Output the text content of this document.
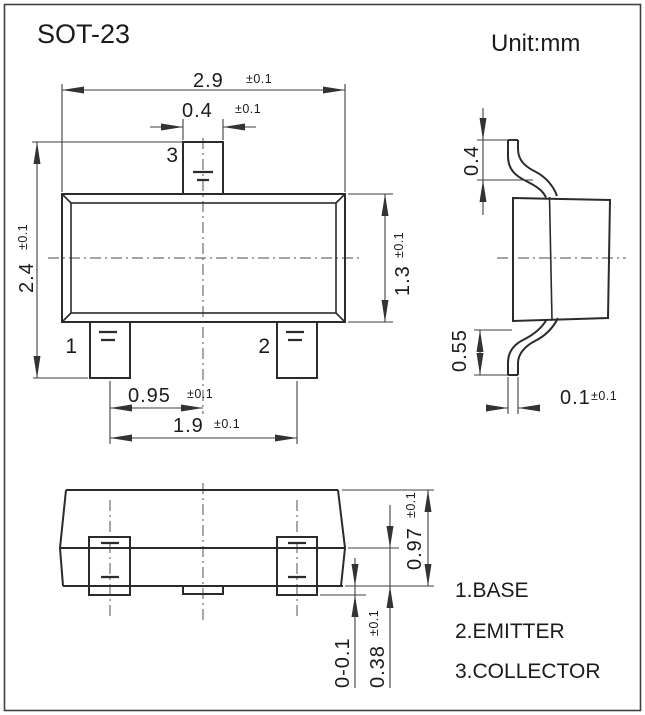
SOT-23	Unit:mm
3
1	2
2.9 ±0.1
0.4 ±0.1
2.4
±0.1
1.3
±0.1
0.95 ±0.1
1.9 ±0.1
0.4
0.55
0.1 ±0.1
0.97
±0.1
0.38
±0.1
0-0.1
1.BASE
2.EMITTER
3.COLLECTOR
